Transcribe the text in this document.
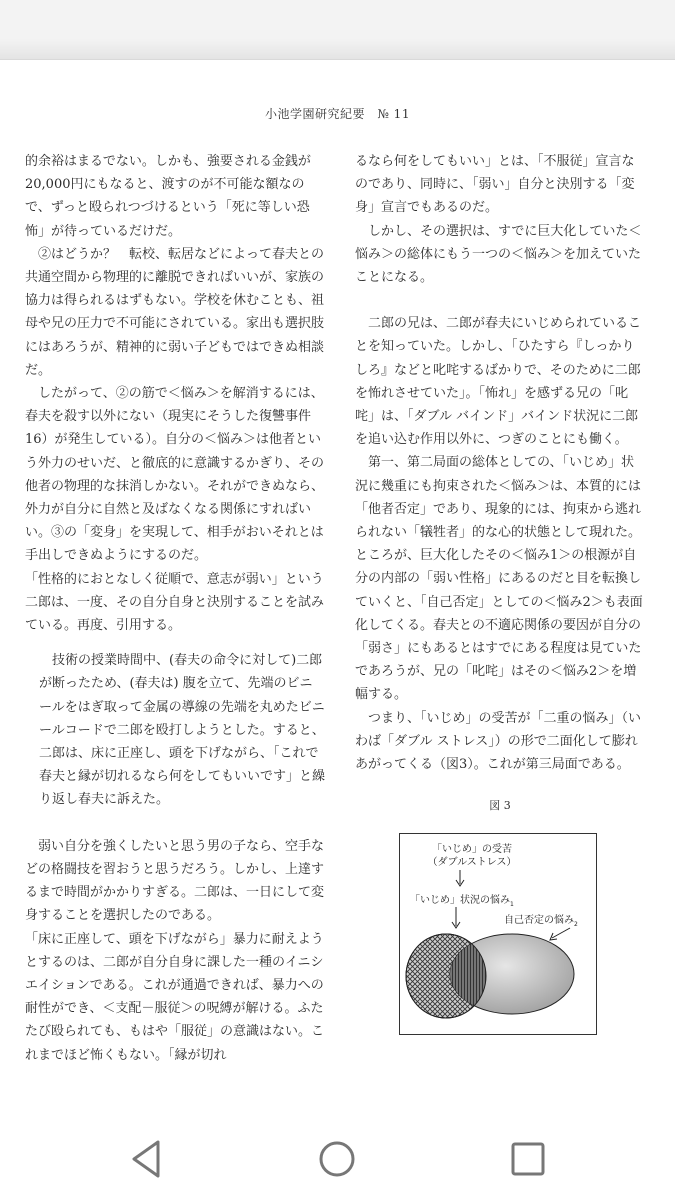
小池学園研究紀要　№ 11

的余裕はまるでない。しかも、強要される金銭が20,000円にもなると、渡すのが不可能な額なので、ずっと殴られつづけるという「死に等しい恐怖」が待っているだけだ。

②はどうか？　転校、転居などによって春夫との共通空間から物理的に離脱できればいいが、家族の協力は得られるはずもない。学校を休むことも、祖母や兄の圧力で不可能にされている。家出も選択肢にはあろうが、精神的に弱い子どもではできぬ相談だ。

したがって、②の筋で＜悩み＞を解消するには、春夫を殺す以外にない（現実にそうした復讐事件16）が発生している）。自分の＜悩み＞は他者という外力のせいだ、と徹底的に意識するかぎり、その他者の物理的な抹消しかない。それができぬなら、外力が自分に自然と及ばなくなる関係にすればいい。③の「変身」を実現して、相手がおいそれとは手出しできぬようにするのだ。

「性格的におとなしく従順で、意志が弱い」という二郎は、一度、その自分自身と決別することを試みている。再度、引用する。

技術の授業時間中、(春夫の命令に対して)二郎が断ったため、(春夫は) 腹を立て、先端のビニールをはぎ取って金属の導線の先端を丸めたビニールコードで二郎を殴打しようとした。すると、二郎は、床に正座し、頭を下げながら、「これで春夫と縁が切れるなら何をしてもいいです」と繰り返し春夫に訴えた。

弱い自分を強くしたいと思う男の子なら、空手などの格闘技を習おうと思うだろう。しかし、上達するまで時間がかかりすぎる。二郎は、一日にして変身することを選択したのである。

「床に正座して、頭を下げながら」暴力に耐えようとするのは、二郎が自分自身に課した一種のイニシエイションである。これが通過できれば、暴力への耐性ができ、＜支配－服従＞の呪縛が解ける。ふたたび殴られても、もはや「服従」の意識はない。これまでほど怖くもない。「縁が切れ

るなら何をしてもいい」とは、「不服従」宣言なのであり、同時に、「弱い」自分と決別する「変身」宣言でもあるのだ。

しかし、その選択は、すでに巨大化していた＜悩み＞の総体にもう一つの＜悩み＞を加えていたことになる。

二郎の兄は、二郎が春夫にいじめられていることを知っていた。しかし、「ひたすら『しっかりしろ』などと叱咤するばかりで、そのために二郎を怖れさせていた」。「怖れ」を感ずる兄の「叱咤」は、「ダブル バインド」バインド状況に二郎を追い込む作用以外に、つぎのことにも働く。

第一、第二局面の総体としての、「いじめ」状況に幾重にも拘束された＜悩み＞は、本質的には「他者否定」であり、現象的には、拘束から逃れられない「犠牲者」的な心的状態として現れた。ところが、巨大化したその＜悩み1＞の根源が自分の内部の「弱い性格」にあるのだと目を転換していくと、「自己否定」としての＜悩み2＞も表面化してくる。春夫との不適応関係の要因が自分の「弱さ」にもあるとはすでにある程度は見ていたであろうが、兄の「叱咤」はその＜悩み2＞を増幅する。

つまり、「いじめ」の受苦が「二重の悩み」（いわば「ダブル ストレス」）の形で二面化して膨れあがってくる（図3）。これが第三局面である。

図 3
「いじめ」の受苦
（ダブルストレス）
「いじめ」状況の悩み$_1$
自己否定の悩み$_2$
